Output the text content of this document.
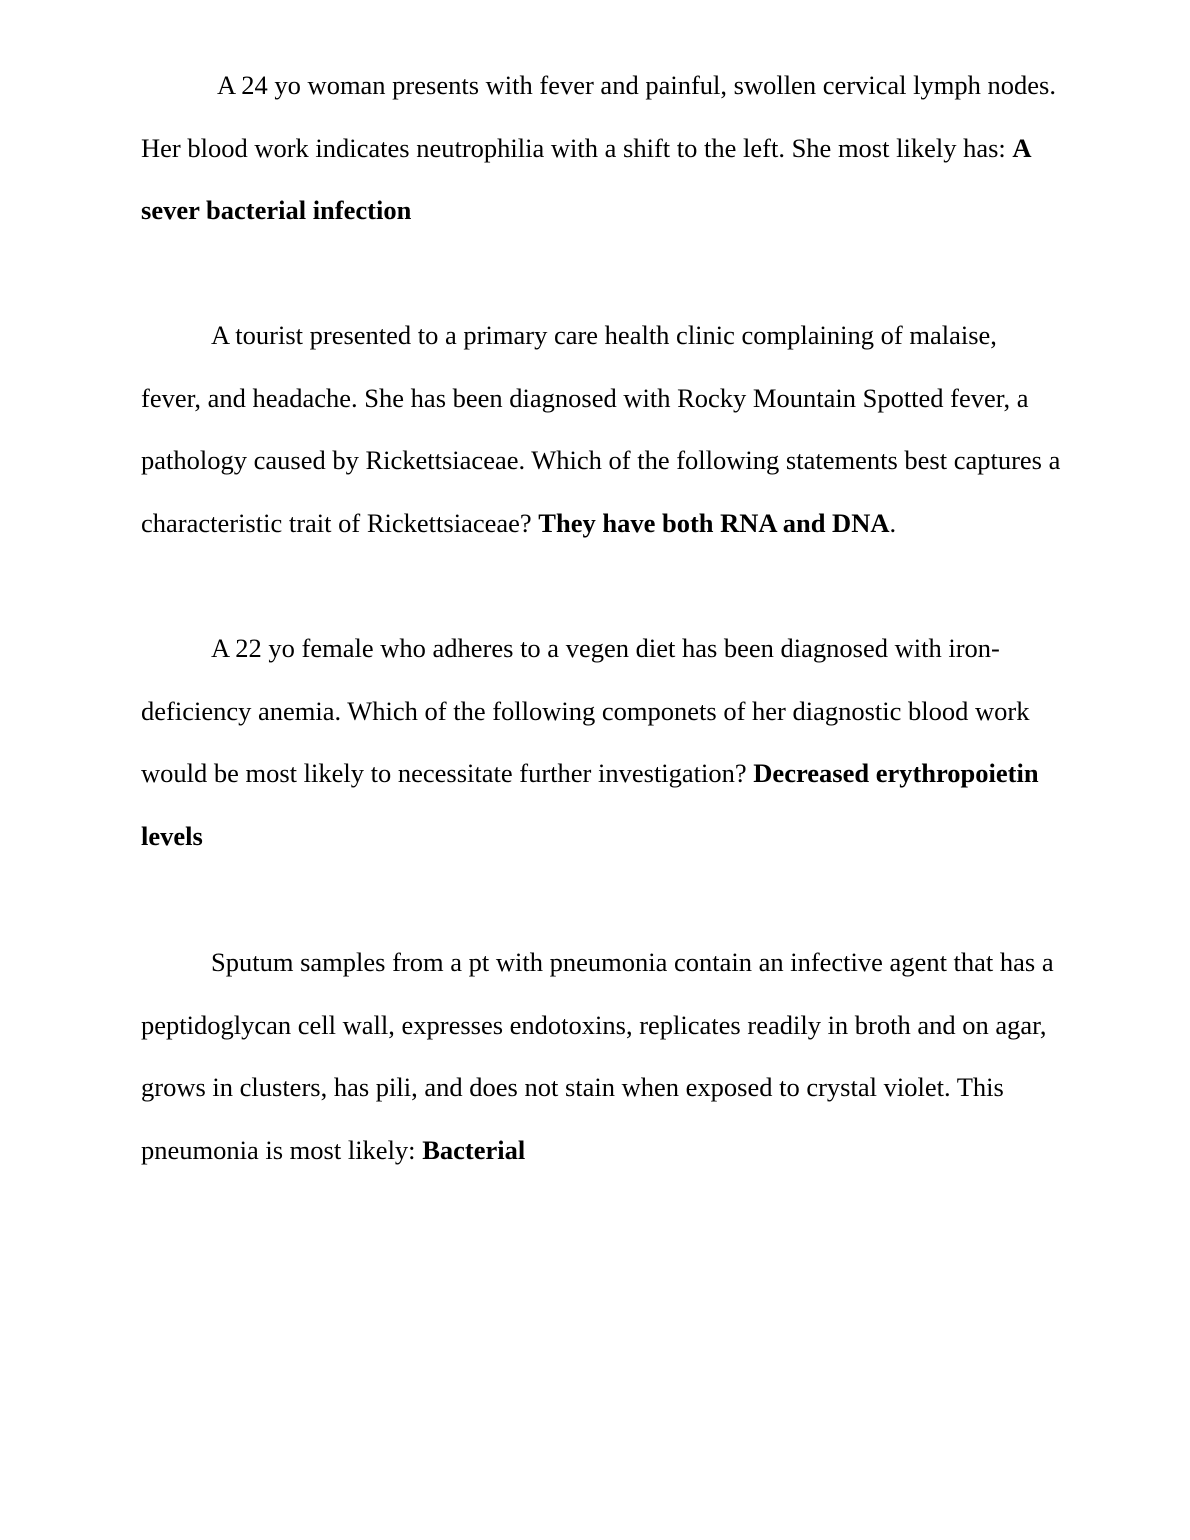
A 24 yo woman presents with fever and painful, swollen cervical lymph nodes. Her blood work indicates neutrophilia with a shift to the left. She most likely has: A sever bacterial infection

A tourist presented to a primary care health clinic complaining of malaise, fever, and headache. She has been diagnosed with Rocky Mountain Spotted fever, a pathology caused by Rickettsiaceae. Which of the following statements best captures a characteristic trait of Rickettsiaceae? They have both RNA and DNA.

A 22 yo female who adheres to a vegen diet has been diagnosed with iron-deficiency anemia. Which of the following componets of her diagnostic blood work would be most likely to necessitate further investigation? Decreased erythropoietin levels

Sputum samples from a pt with pneumonia contain an infective agent that has a peptidoglycan cell wall, expresses endotoxins, replicates readily in broth and on agar, grows in clusters, has pili, and does not stain when exposed to crystal violet. This pneumonia is most likely: Bacterial
